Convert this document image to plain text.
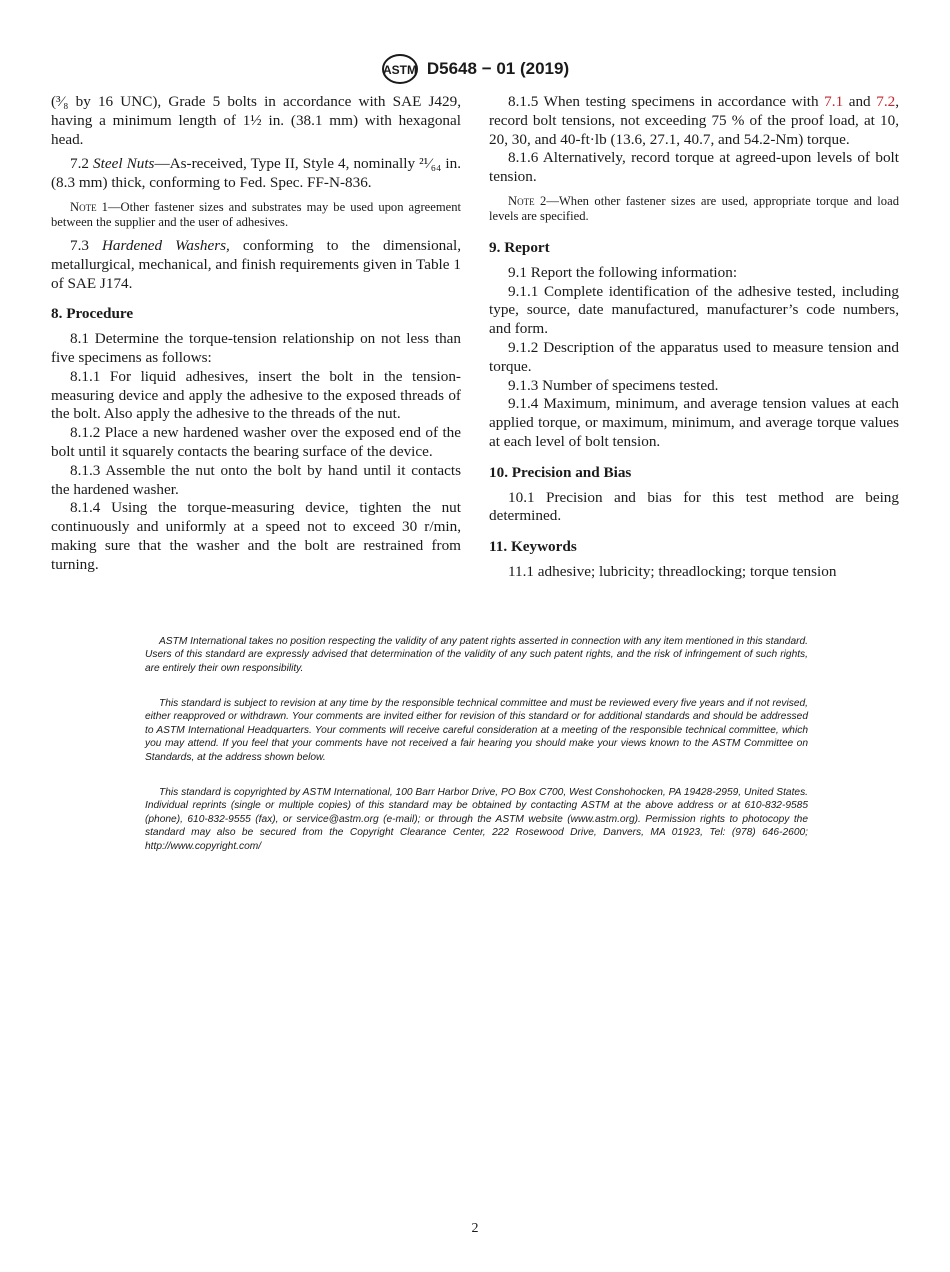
ASTM D5648 − 01 (2019)

(³⁄₈ by 16 UNC), Grade 5 bolts in accordance with SAE J429, having a minimum length of 1½ in. (38.1 mm) with hexagonal head.

7.2 Steel Nuts—As-received, Type II, Style 4, nominally ²¹⁄₆₄ in. (8.3 mm) thick, conforming to Fed. Spec. FF-N-836.

Note 1—Other fastener sizes and substrates may be used upon agreement between the supplier and the user of adhesives.

7.3 Hardened Washers, conforming to the dimensional, metallurgical, mechanical, and finish requirements given in Table 1 of SAE J174.

8. Procedure

8.1 Determine the torque-tension relationship on not less than five specimens as follows:

8.1.1 For liquid adhesives, insert the bolt in the tension-measuring device and apply the adhesive to the exposed threads of the bolt. Also apply the adhesive to the threads of the nut.

8.1.2 Place a new hardened washer over the exposed end of the bolt until it squarely contacts the bearing surface of the device.

8.1.3 Assemble the nut onto the bolt by hand until it contacts the hardened washer.

8.1.4 Using the torque-measuring device, tighten the nut continuously and uniformly at a speed not to exceed 30 r/min, making sure that the washer and the bolt are restrained from turning.

8.1.5 When testing specimens in accordance with 7.1 and 7.2, record bolt tensions, not exceeding 75 % of the proof load, at 10, 20, 30, and 40-ft·lb (13.6, 27.1, 40.7, and 54.2-Nm) torque.

8.1.6 Alternatively, record torque at agreed-upon levels of bolt tension.

Note 2—When other fastener sizes are used, appropriate torque and load levels are specified.

9. Report

9.1 Report the following information:

9.1.1 Complete identification of the adhesive tested, including type, source, date manufactured, manufacturer’s code numbers, and form.

9.1.2 Description of the apparatus used to measure tension and torque.

9.1.3 Number of specimens tested.

9.1.4 Maximum, minimum, and average tension values at each applied torque, or maximum, minimum, and average torque values at each level of bolt tension.

10. Precision and Bias

10.1 Precision and bias for this test method are being determined.

11. Keywords

11.1 adhesive; lubricity; threadlocking; torque tension

ASTM International takes no position respecting the validity of any patent rights asserted in connection with any item mentioned in this standard. Users of this standard are expressly advised that determination of the validity of any such patent rights, and the risk of infringement of such rights, are entirely their own responsibility.

This standard is subject to revision at any time by the responsible technical committee and must be reviewed every five years and if not revised, either reapproved or withdrawn. Your comments are invited either for revision of this standard or for additional standards and should be addressed to ASTM International Headquarters. Your comments will receive careful consideration at a meeting of the responsible technical committee, which you may attend. If you feel that your comments have not received a fair hearing you should make your views known to the ASTM Committee on Standards, at the address shown below.

This standard is copyrighted by ASTM International, 100 Barr Harbor Drive, PO Box C700, West Conshohocken, PA 19428-2959, United States. Individual reprints (single or multiple copies) of this standard may be obtained by contacting ASTM at the above address or at 610-832-9585 (phone), 610-832-9555 (fax), or service@astm.org (e-mail); or through the ASTM website (www.astm.org). Permission rights to photocopy the standard may also be secured from the Copyright Clearance Center, 222 Rosewood Drive, Danvers, MA 01923, Tel: (978) 646-2600; http://www.copyright.com/

2
